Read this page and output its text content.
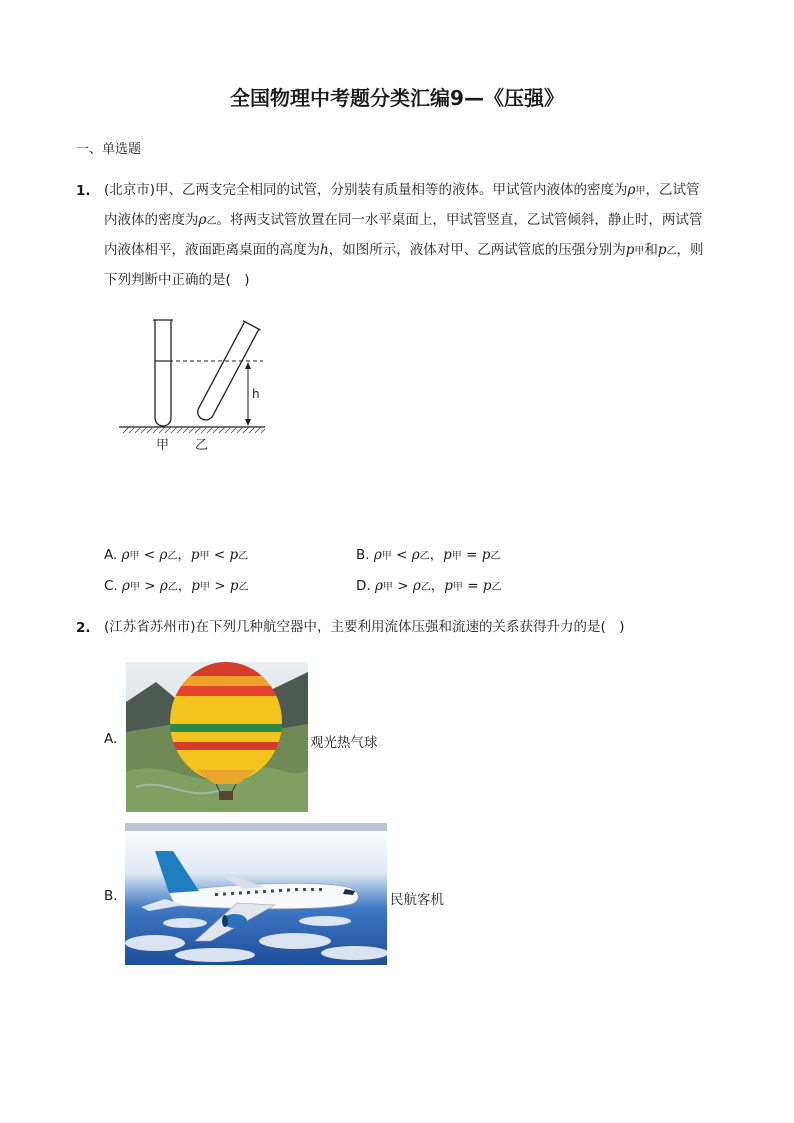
全国物理中考题分类汇编9—《压强》
一、单选题
1. (北京市)甲、乙两支完全相同的试管，分别装有质量相等的液体。甲试管内液体的密度为ρ甲，乙试管
内液体的密度为ρ乙。将两支试管放置在同一水平桌面上，甲试管竖直，乙试管倾斜，静止时，两试管
内液体相平，液面距离桌面的高度为h，如图所示，液体对甲、乙两试管底的压强分别为p甲和p乙，则
下列判断中正确的是(　)
h
甲 乙
A. ρ甲 < ρ乙，p甲 < p乙	B. ρ甲 < ρ乙，p甲 = p乙
C. ρ甲 > ρ乙，p甲 > p乙	D. ρ甲 > ρ乙，p甲 = p乙
2. (江苏省苏州市)在下列几种航空器中，主要利用流体压强和流速的关系获得升力的是(　)
A.	观光热气球
B.	民航客机
